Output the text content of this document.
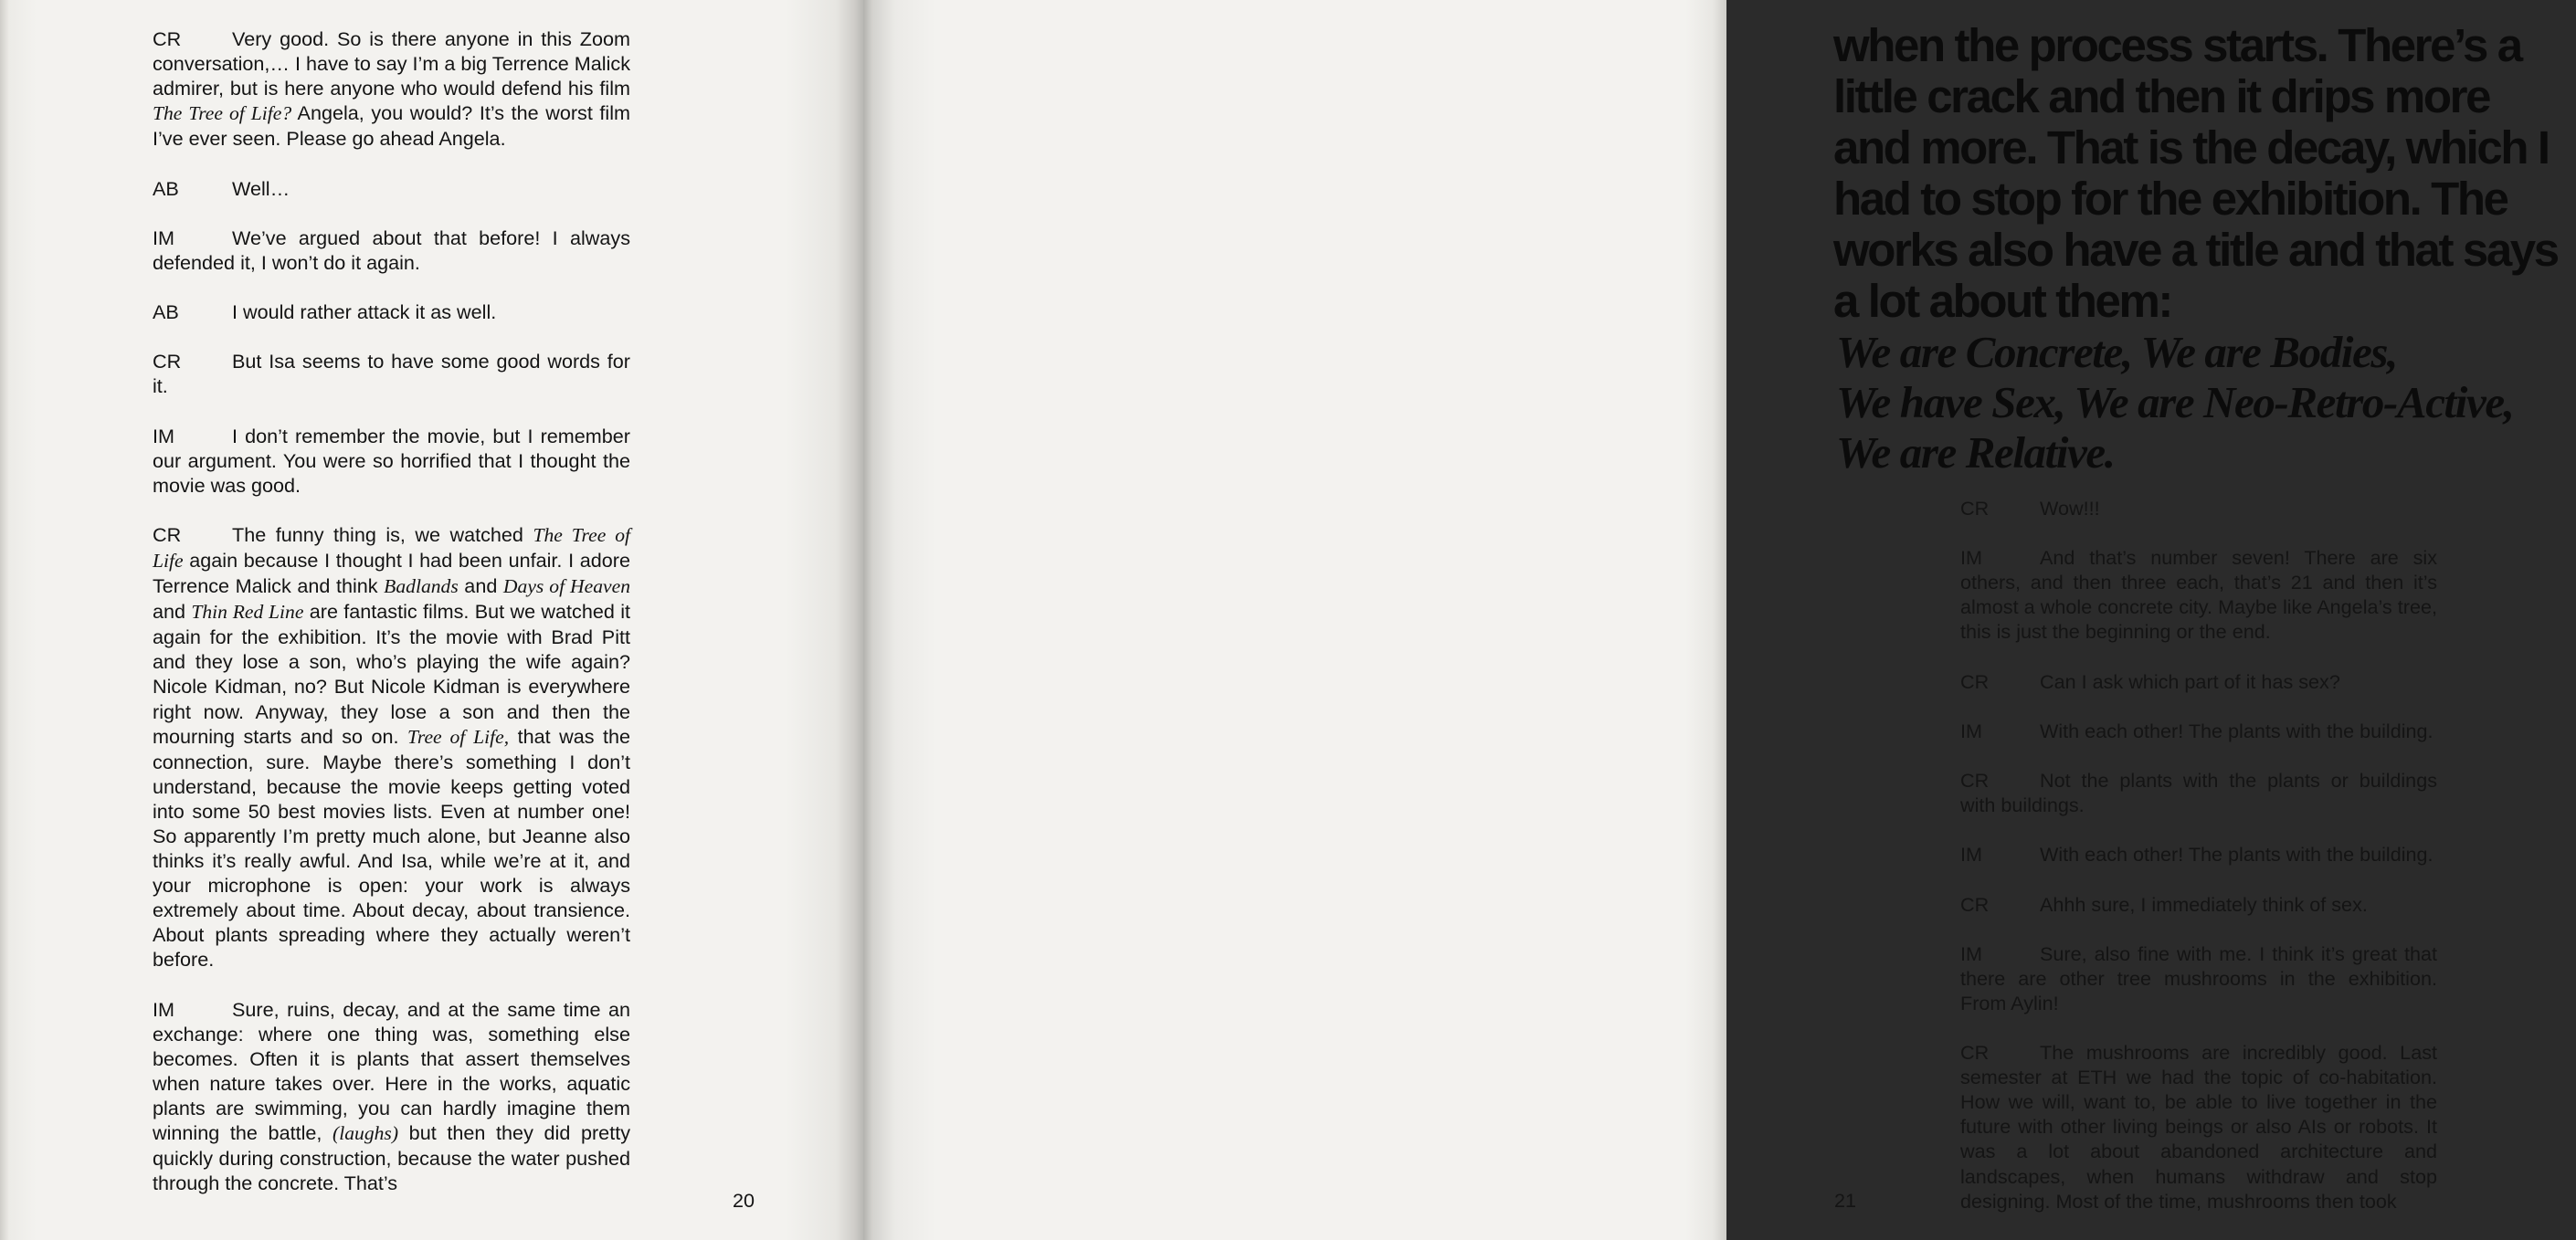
CR	Very good. So is there anyone in this Zoom conversation,… I have to say I’m a big Terrence Malick admirer, but is here anyone who would defend his film The Tree of Life? Angela, you would? It’s the worst film I’ve ever seen. Please go ahead Angela.

AB	Well…

IM	We’ve argued about that before! I always defended it, I won’t do it again.

AB	I would rather attack it as well.

CR	But Isa seems to have some good words for it.

IM	I don’t remember the movie, but I remember our argument. You were so horrified that I thought the movie was good.

CR	The funny thing is, we watched The Tree of Life again because I thought I had been unfair. I adore Terrence Malick and think Badlands and Days of Heaven and Thin Red Line are fantastic films. But we watched it again for the exhibition. It’s the movie with Brad Pitt and they lose a son, who’s playing the wife again? Nicole Kidman, no? But Nicole Kidman is everywhere right now. Anyway, they lose a son and then the mourning starts and so on. Tree of Life, that was the connection, sure. Maybe there’s something I don’t understand, because the movie keeps getting voted into some 50 best movies lists. Even at number one! So apparently I’m pretty much alone, but Jeanne also thinks it’s really awful. And Isa, while we’re at it, and your microphone is open: your work is always extremely about time. About decay, about transience. About plants spreading where they actually weren’t before.

IM	Sure, ruins, decay, and at the same time an exchange: where one thing was, something else becomes. Often it is plants that assert themselves when nature takes over. Here in the works, aquatic plants are swimming, you can hardly imagine them winning the battle, (laughs) but then they did pretty quickly during construction, because the water pushed through the concrete. That’s

20

when the process starts. There’s a little crack and then it drips more and more. That is the decay, which I had to stop for the exhibition. The works also have a title and that says a lot about them:

We are Concrete, We are Bodies,
We have Sex, We are Neo-Retro-Active,
We are Relative.

CR	Wow!!!

IM	And that’s number seven! There are six others, and then three each, that’s 21 and then it’s almost a whole concrete city. Maybe like Angela’s tree, this is just the beginning or the end.

CR	Can I ask which part of it has sex?

IM	With each other! The plants with the building.

CR	Not the plants with the plants or buildings with buildings.

IM	With each other! The plants with the building.

CR	Ahhh sure, I immediately think of sex.

IM	Sure, also fine with me. I think it’s great that there are other tree mushrooms in the exhibition. From Aylin!

CR	The mushrooms are incredibly good. Last semester at ETH we had the topic of co-habitation. How we will, want to, be able to live together in the future with other living beings or also AIs or robots. It was a lot about abandoned architecture and landscapes, when humans withdraw and stop designing. Most of the time, mushrooms then took

21
